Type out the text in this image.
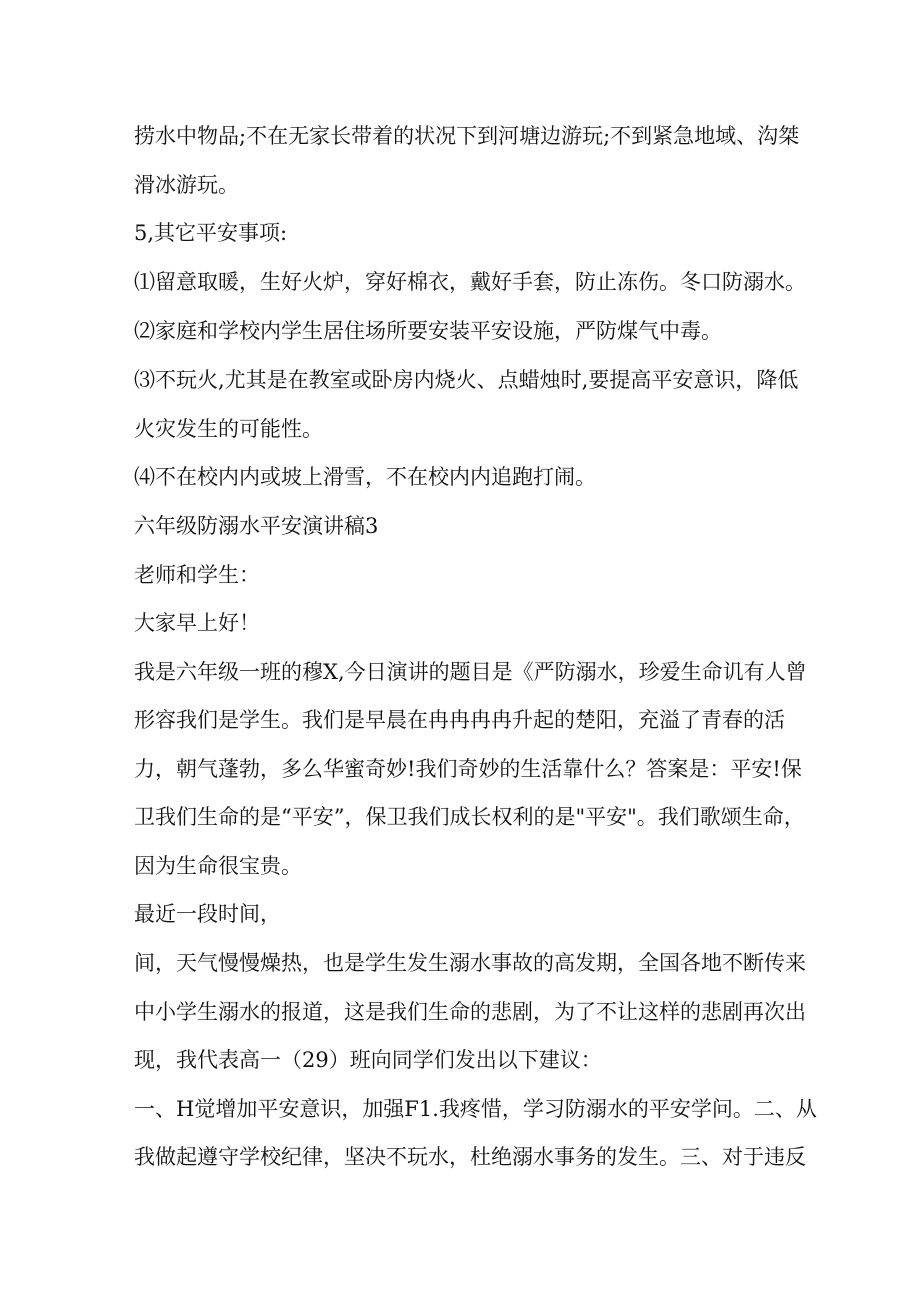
捞水中物品;不在无家长带着的状况下到河塘边游玩;不到紧急地域、沟桀
滑冰游玩。
5,其它平安事项:
⑴留意取暖，生好火炉，穿好棉衣，戴好手套，防止冻伤。冬口防溺水。
⑵家庭和学校内学生居住场所要安装平安设施，严防煤气中毒。
⑶不玩火,尤其是在教室或卧房内烧火、点蜡烛时,要提高平安意识，降低
火灾发生的可能性。
⑷不在校内内或坡上滑雪，不在校内内追跑打闹。
六年级防溺水平安演讲稿3
老师和学生：
大家早上好！
我是六年级一班的穆X,今日演讲的题目是《严防溺水，珍爱生命讥有人曾
形容我们是学生。我们是早晨在冉冉冉冉升起的楚阳，充溢了青春的活
力，朝气蓬勃，多么华蜜奇妙!我们奇妙的生活靠什么？答案是：平安!保
卫我们生命的是“平安”，保卫我们成长权利的是"平安"。我们歌颂生命，
因为生命很宝贵。
最近一段时间，
间，天气慢慢燥热，也是学生发生溺水事故的高发期，全国各地不断传来
中小学生溺水的报道，这是我们生命的悲剧，为了不让这样的悲剧再次出
现，我代表高一（29）班向同学们发出以下建议：
一、H觉增加平安意识，加强F1.我疼惜，学习防溺水的平安学问。二、从
我做起遵守学校纪律，坚决不玩水，杜绝溺水事务的发生。三、对于违反
